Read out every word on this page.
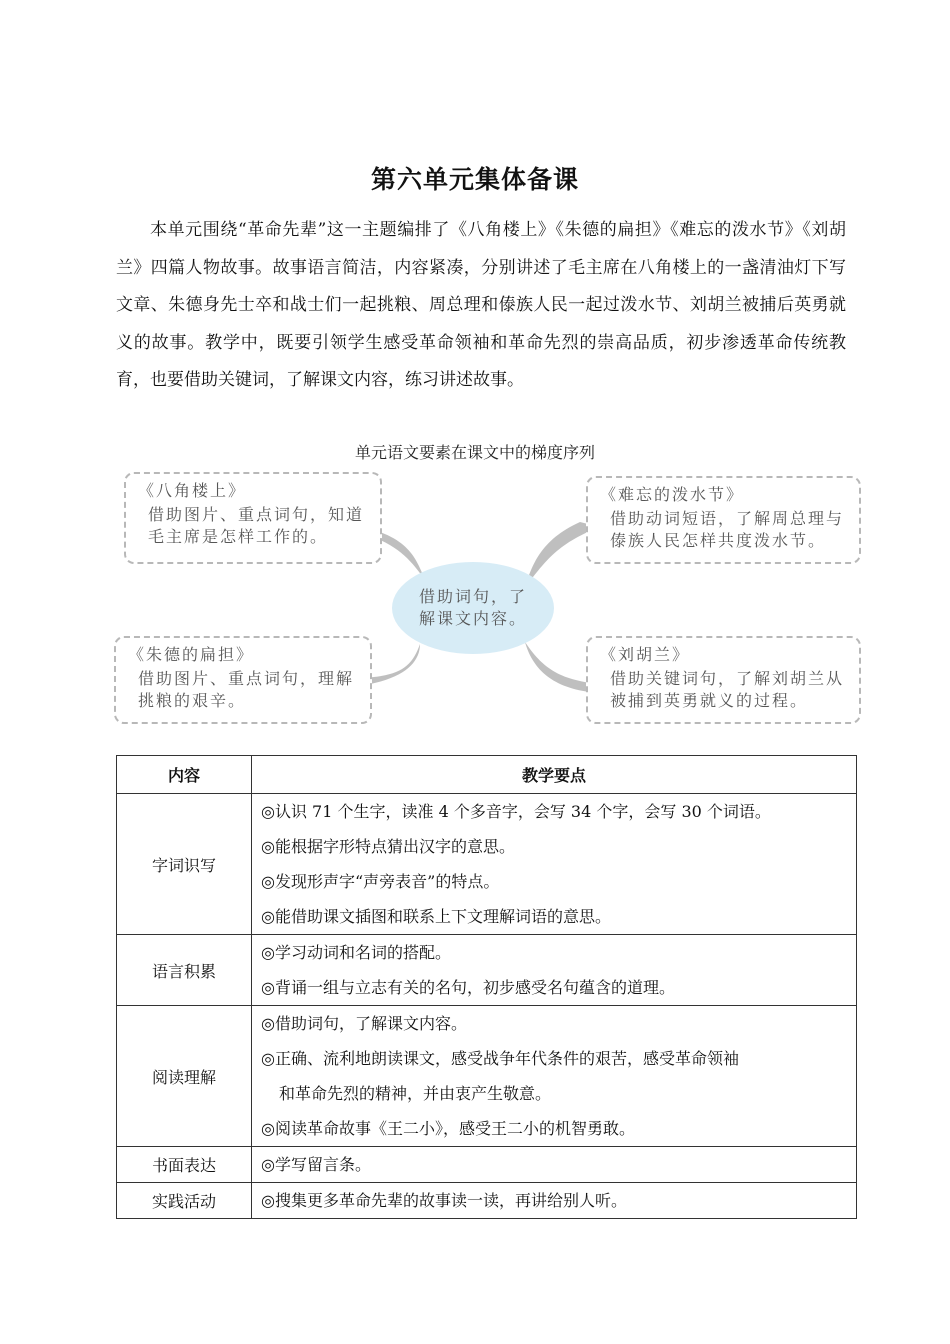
第六单元集体备课

本单元围绕“革命先辈”这一主题编排了《八角楼上》《朱德的扁担》《难忘的泼水节》《刘胡兰》四篇人物故事。故事语言简洁，内容紧凑，分别讲述了毛主席在八角楼上的一盏清油灯下写文章、朱德身先士卒和战士们一起挑粮、周总理和傣族人民一起过泼水节、刘胡兰被捕后英勇就义的故事。教学中，既要引领学生感受革命领袖和革命先烈的崇高品质，初步渗透革命传统教育，也要借助关键词，了解课文内容，练习讲述故事。

单元语文要素在课文中的梯度序列
《八角楼上》
借助图片、重点词句，知道毛主席是怎样工作的。
《难忘的泼水节》
借助动词短语，了解周总理与傣族人民怎样共度泼水节。
借助词句，了解课文内容。
《朱德的扁担》
借助图片、重点词句，理解挑粮的艰辛。
《刘胡兰》
借助关键词句，了解刘胡兰从被捕到英勇就义的过程。
内容	教学要点
字词识写	◎认识 71 个生字，读准 4 个多音字，会写 34 个字，会写 30 个词语。
◎能根据字形特点猜出汉字的意思。
◎发现形声字“声旁表音”的特点。
◎能借助课文插图和联系上下文理解词语的意思。

语言积累	◎学习动词和名词的搭配。
◎背诵一组与立志有关的名句，初步感受名句蕴含的道理。

阅读理解	◎借助词句，了解课文内容。
◎正确、流利地朗读课文，感受战争年代条件的艰苦，感受革命领袖
和革命先烈的精神，并由衷产生敬意。
◎阅读革命故事《王二小》，感受王二小的机智勇敢。

书面表达	◎学写留言条。

实践活动	◎搜集更多革命先辈的故事读一读，再讲给别人听。
